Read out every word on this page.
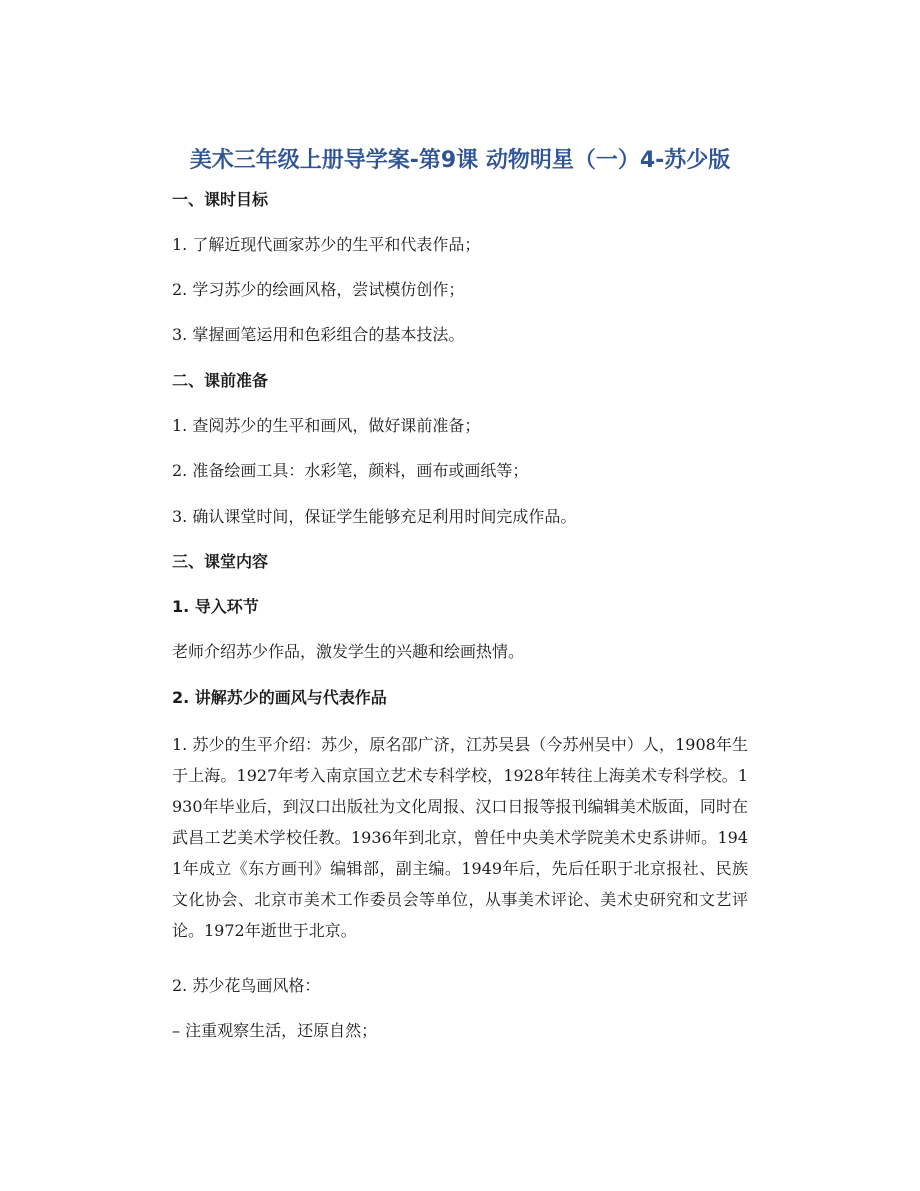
美术三年级上册导学案-第9课 动物明星（一）4-苏少版
一、课时目标
1. 了解近现代画家苏少的生平和代表作品；
2. 学习苏少的绘画风格，尝试模仿创作；
3. 掌握画笔运用和色彩组合的基本技法。
二、课前准备
1. 查阅苏少的生平和画风，做好课前准备；
2. 准备绘画工具：水彩笔，颜料，画布或画纸等；
3. 确认课堂时间，保证学生能够充足利用时间完成作品。
三、课堂内容
1. 导入环节
老师介绍苏少作品，激发学生的兴趣和绘画热情。
2. 讲解苏少的画风与代表作品
1. 苏少的生平介绍：苏少，原名邵广济，江苏吴县（今苏州吴中）人，1908年生于上海。1927年考入南京国立艺术专科学校，1928年转往上海美术专科学校。1930年毕业后，到汉口出版社为文化周报、汉口日报等报刊编辑美术版面，同时在武昌工艺美术学校任教。1936年到北京，曾任中央美术学院美术史系讲师。1941年成立《东方画刊》编辑部，副主编。1949年后，先后任职于北京报社、民族文化协会、北京市美术工作委员会等单位，从事美术评论、美术史研究和文艺评论。1972年逝世于北京。
2. 苏少花鸟画风格：
– 注重观察生活，还原自然；
